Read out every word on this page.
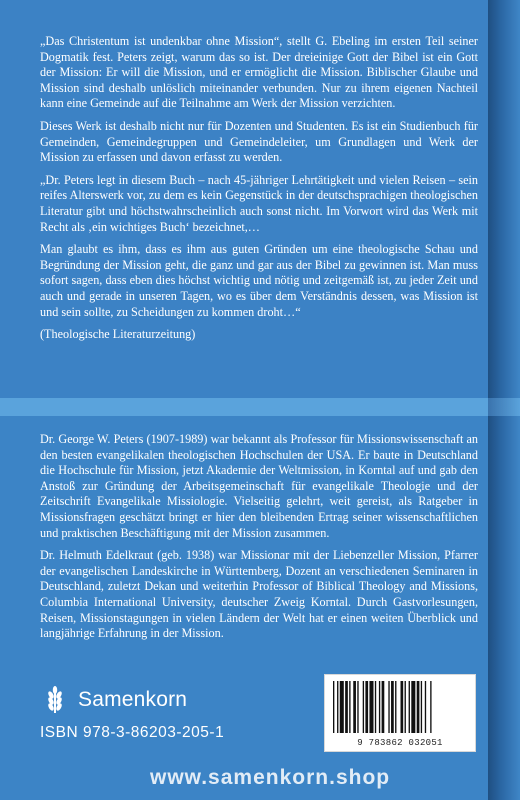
„Das Christentum ist undenkbar ohne Mission“, stellt G. Ebeling im ersten Teil seiner Dogmatik fest. Peters zeigt, warum das so ist. Der dreieinige Gott der Bibel ist ein Gott der Mission: Er will die Mission, und er ermöglicht die Mission. Biblischer Glaube und Mission sind deshalb unlöslich miteinander verbunden. Nur zu ihrem eigenen Nachteil kann eine Gemeinde auf die Teilnahme am Werk der Mission verzichten.

Dieses Werk ist deshalb nicht nur für Dozenten und Studenten. Es ist ein Studienbuch für Gemeinden, Gemeindegruppen und Gemeindeleiter, um Grundlagen und Werk der Mission zu erfassen und davon erfasst zu werden.

„Dr. Peters legt in diesem Buch – nach 45-jähriger Lehrtätigkeit und vielen Reisen – sein reifes Alterswerk vor, zu dem es kein Gegenstück in der deutschsprachigen theologischen Literatur gibt und höchstwahrscheinlich auch sonst nicht. Im Vorwort wird das Werk mit Recht als ‚ein wichtiges Buch‘ bezeichnet,…

Man glaubt es ihm, dass es ihm aus guten Gründen um eine theologische Schau und Begründung der Mission geht, die ganz und gar aus der Bibel zu gewinnen ist. Man muss sofort sagen, dass eben dies höchst wichtig und nötig und zeitgemäß ist, zu jeder Zeit und auch und gerade in unseren Tagen, wo es über dem Verständnis dessen, was Mission ist und sein sollte, zu Scheidungen zu kommen droht…“

(Theologische Literaturzeitung)

Dr. George W. Peters (1907-1989) war bekannt als Professor für Missionswissenschaft an den besten evangelikalen theologischen Hochschulen der USA. Er baute in Deutschland die Hochschule für Mission, jetzt Akademie der Weltmission, in Korntal auf und gab den Anstoß zur Gründung der Arbeitsgemeinschaft für evangelikale Theologie und der Zeitschrift Evangelikale Missiologie. Vielseitig gelehrt, weit gereist, als Ratgeber in Missionsfragen geschätzt bringt er hier den bleibenden Ertrag seiner wissenschaftlichen und praktischen Beschäftigung mit der Mission zusammen.

Dr. Helmuth Edelkraut (geb. 1938) war Missionar mit der Liebenzeller Mission, Pfarrer der evangelischen Landeskirche in Württemberg, Dozent an verschiedenen Seminaren in Deutschland, zuletzt Dekan und weiterhin Professor of Biblical Theology and Missions, Columbia International University, deutscher Zweig Korntal. Durch Gastvorlesungen, Reisen, Missionstagungen in vielen Ländern der Welt hat er einen weiten Überblick und langjährige Erfahrung in der Mission.

Samenkorn
ISBN 978-3-86203-205-1
9 783862 032051
www.samenkorn.shop
